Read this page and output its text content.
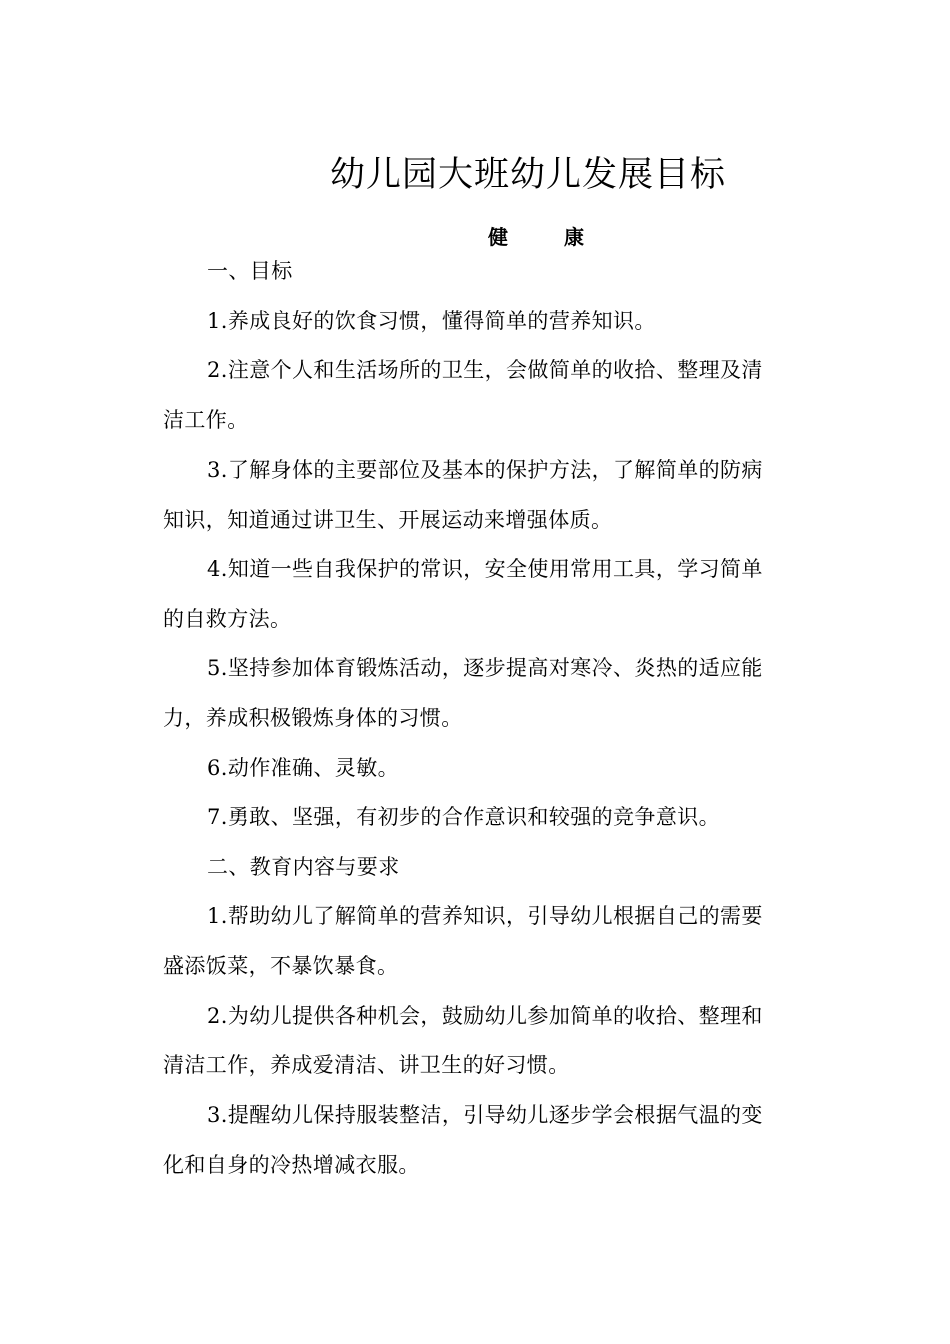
幼儿园大班幼儿发展目标
健	康
一、目标
1.养成良好的饮食习惯，懂得简单的营养知识。
2.注意个人和生活场所的卫生，会做简单的收拾、整理及清
洁工作。
3.了解身体的主要部位及基本的保护方法，了解简单的防病
知识，知道通过讲卫生、开展运动来增强体质。
4.知道一些自我保护的常识，安全使用常用工具，学习简单
的自救方法。
5.坚持参加体育锻炼活动，逐步提高对寒冷、炎热的适应能
力，养成积极锻炼身体的习惯。
6.动作准确、灵敏。
7.勇敢、坚强，有初步的合作意识和较强的竞争意识。
二、教育内容与要求
1.帮助幼儿了解简单的营养知识，引导幼儿根据自己的需要
盛添饭菜，不暴饮暴食。
2.为幼儿提供各种机会，鼓励幼儿参加简单的收拾、整理和
清洁工作，养成爱清洁、讲卫生的好习惯。
3.提醒幼儿保持服装整洁，引导幼儿逐步学会根据气温的变
化和自身的冷热增减衣服。
